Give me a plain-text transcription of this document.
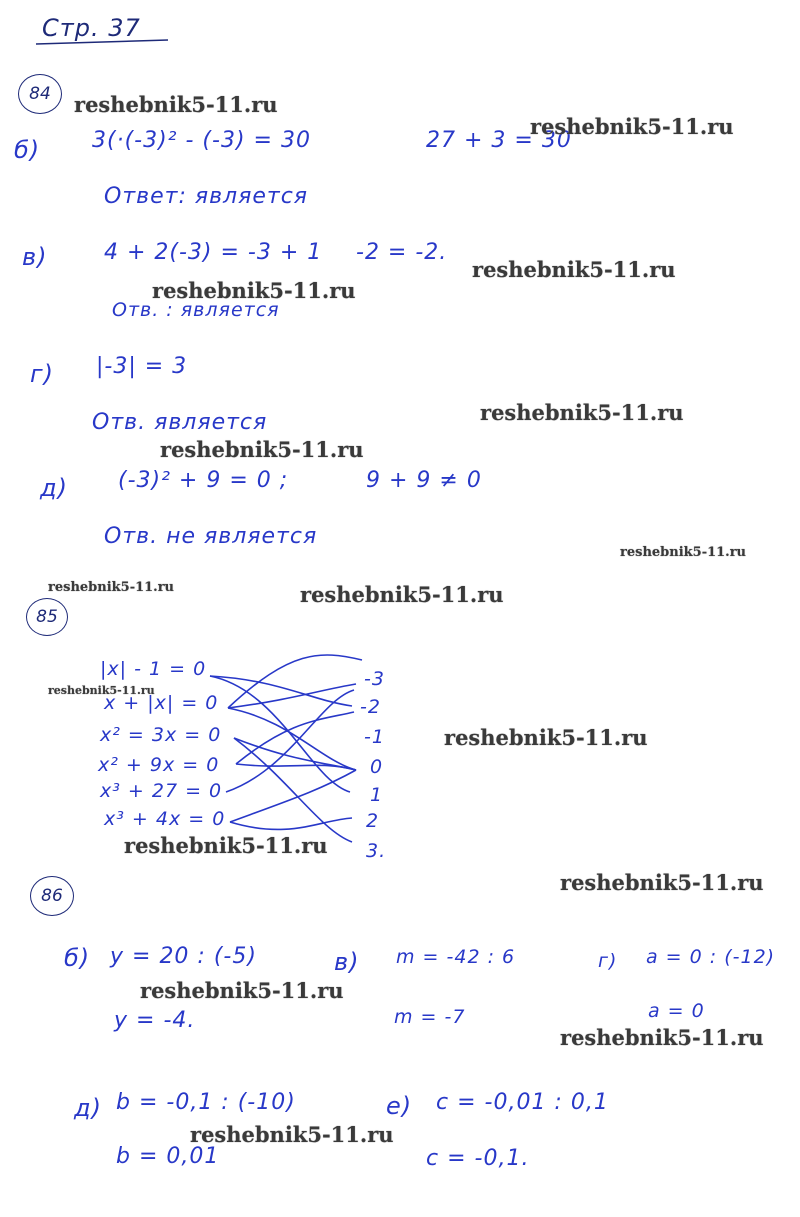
Стр. 37
84
б) 3(·(-3)² - (-3) = 30	27 + 3 = 30
Ответ: является
в)	4 + 2(-3) = -3 + 1 -2 = -2.
Отв. : является
г) |-3| = 3
Отв. является
д) (-3)² + 9 = 0 ;	9 + 9 ≠ 0
Отв. не является
85
|x| - 1 = 0
x + |x| = 0
x² = 3x = 0
x² + 9x = 0
x³ + 27 = 0
x³ + 4x = 0
-3
-2
-1
0
1
2
3.
86
б) y = 20 : (-5)
y = -4.
в) m = -42 : 6
m = -7
г) a = 0 : (-12)
a = 0
д) b = -0,1 : (-10)
b = 0,01
е) c = -0,01 : 0,1
c = -0,1.
reshebnik5-11.ru
reshebnik5-11.ru
reshebnik5-11.ru
reshebnik5-11.ru
reshebnik5-11.ru
reshebnik5-11.ru
reshebnik5-11.ru
reshebnik5-11.ru	reshebnik5-11.ru
reshebnik5-11.ru
reshebnik5-11.ru
reshebnik5-11.ru
reshebnik5-11.ru
reshebnik5-11.ru
reshebnik5-11.ru
reshebnik5-11.ru
